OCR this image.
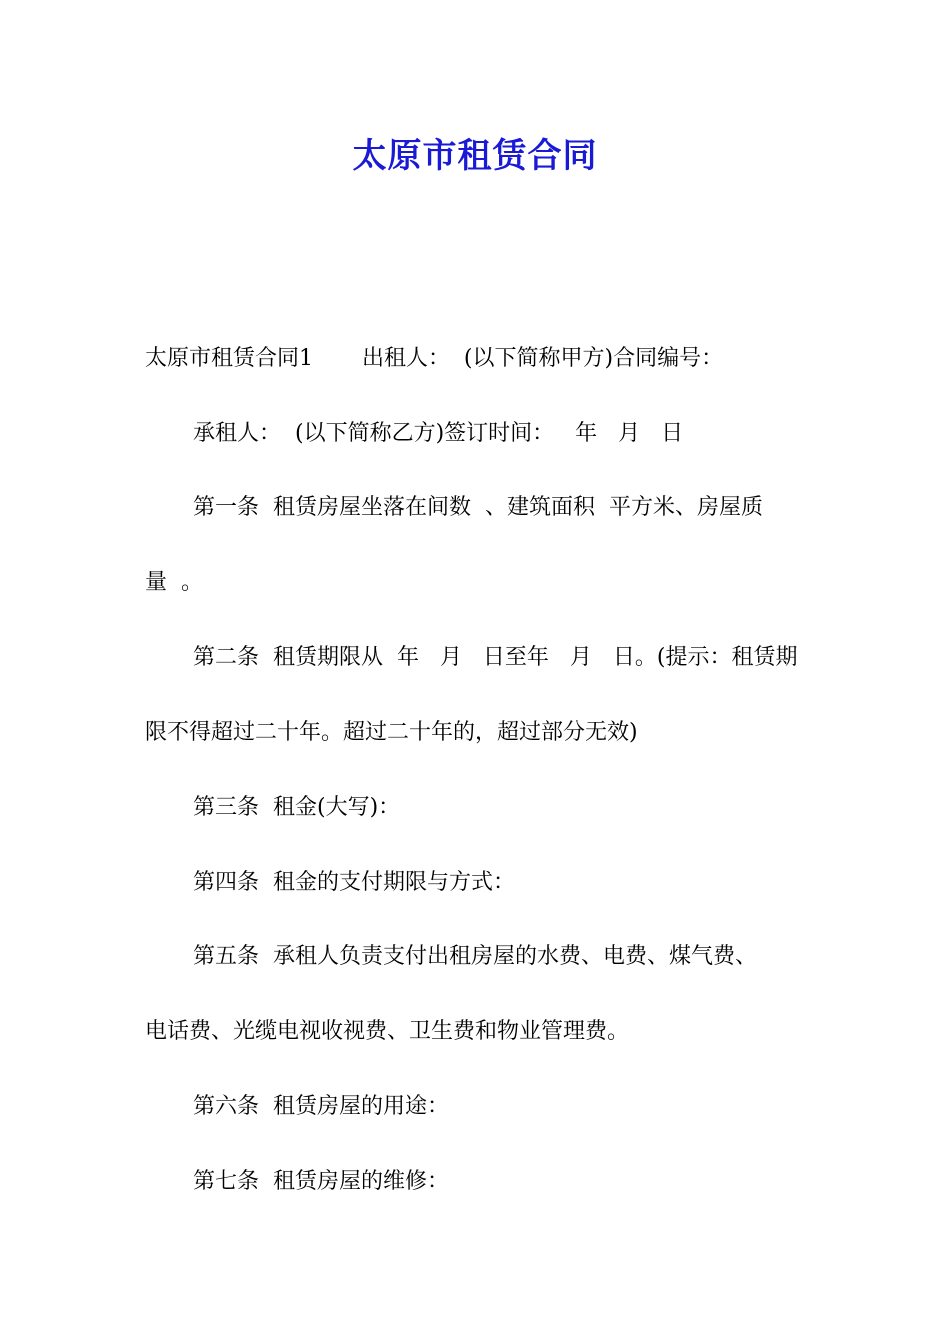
太原市租赁合同
太原市租赁合同1       出租人：  (以下简称甲方)合同编号：
承租人：  (以下简称乙方)签订时间：   年   月   日
第一条  租赁房屋坐落在间数  、建筑面积  平方米、房屋质
量  。
第二条  租赁期限从  年   月   日至年   月   日。(提示：租赁期
限不得超过二十年。超过二十年的，超过部分无效)
第三条  租金(大写)：
第四条  租金的支付期限与方式：
第五条  承租人负责支付出租房屋的水费、电费、煤气费、
电话费、光缆电视收视费、卫生费和物业管理费。
第六条  租赁房屋的用途：
第七条  租赁房屋的维修：
